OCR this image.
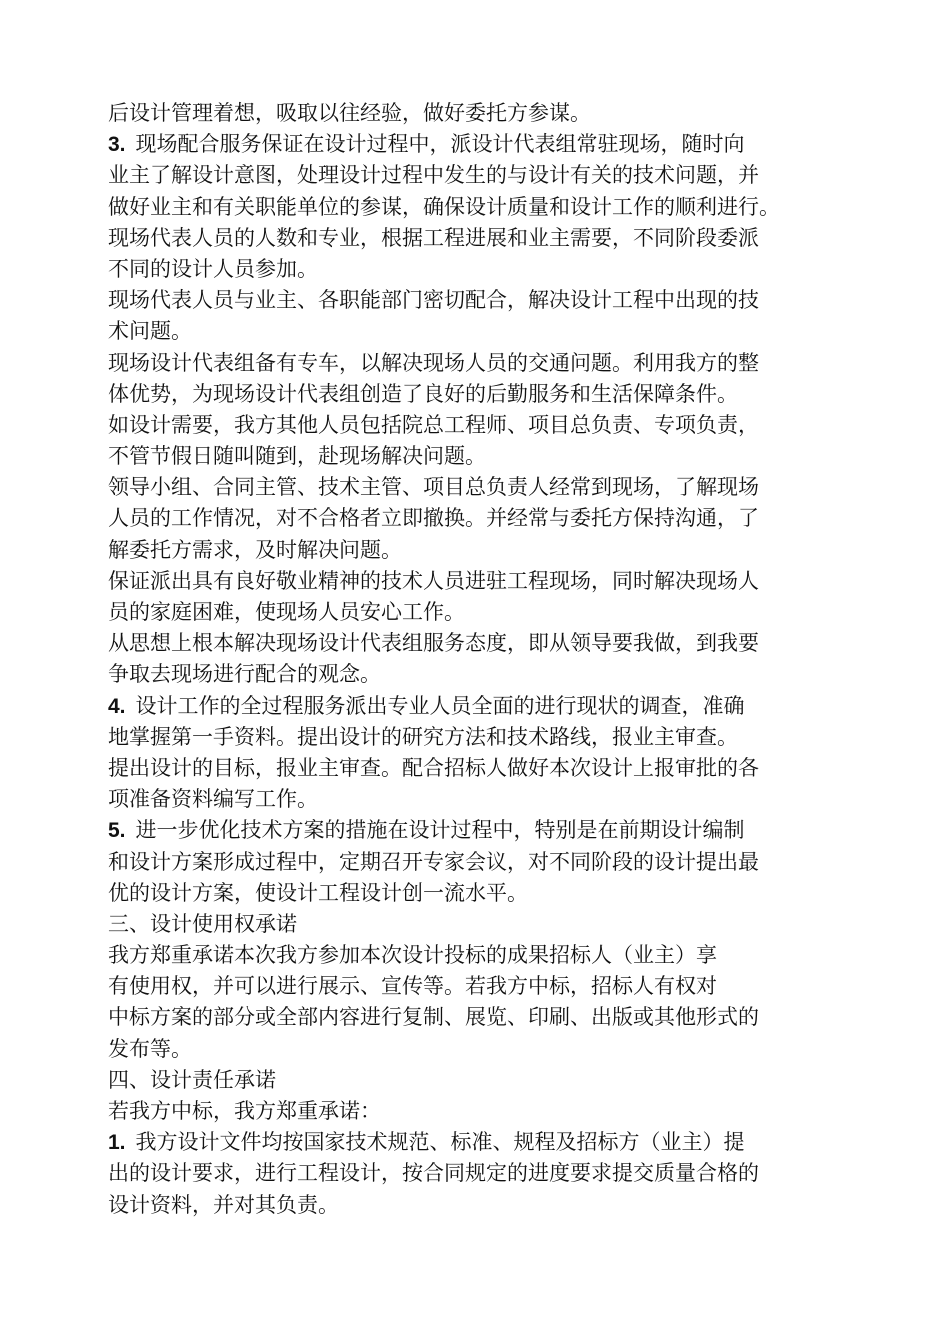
后设计管理着想，吸取以往经验，做好委托方参谋。
3. 现场配合服务保证在设计过程中，派设计代表组常驻现场，随时向
业主了解设计意图，处理设计过程中发生的与设计有关的技术问题，并
做好业主和有关职能单位的参谋，确保设计质量和设计工作的顺利进行。
现场代表人员的人数和专业，根据工程进展和业主需要，不同阶段委派
不同的设计人员参加。
现场代表人员与业主、各职能部门密切配合，解决设计工程中出现的技
术问题。
现场设计代表组备有专车，以解决现场人员的交通问题。利用我方的整
体优势，为现场设计代表组创造了良好的后勤服务和生活保障条件。
如设计需要，我方其他人员包括院总工程师、项目总负责、专项负责，
不管节假日随叫随到，赴现场解决问题。
领导小组、合同主管、技术主管、项目总负责人经常到现场，了解现场
人员的工作情况，对不合格者立即撤换。并经常与委托方保持沟通，了
解委托方需求，及时解决问题。
保证派出具有良好敬业精神的技术人员进驻工程现场，同时解决现场人
员的家庭困难，使现场人员安心工作。
从思想上根本解决现场设计代表组服务态度，即从领导要我做，到我要
争取去现场进行配合的观念。
4. 设计工作的全过程服务派出专业人员全面的进行现状的调查，准确
地掌握第一手资料。提出设计的研究方法和技术路线，报业主审查。
提出设计的目标，报业主审查。配合招标人做好本次设计上报审批的各
项准备资料编写工作。
5. 进一步优化技术方案的措施在设计过程中，特别是在前期设计编制
和设计方案形成过程中，定期召开专家会议，对不同阶段的设计提出最
优的设计方案，使设计工程设计创一流水平。
三、设计使用权承诺
我方郑重承诺本次我方参加本次设计投标的成果招标人（业主）享
有使用权，并可以进行展示、宣传等。若我方中标，招标人有权对
中标方案的部分或全部内容进行复制、展览、印刷、出版或其他形式的
发布等。
四、设计责任承诺
若我方中标，我方郑重承诺：
1. 我方设计文件均按国家技术规范、标准、规程及招标方（业主）提
出的设计要求，进行工程设计，按合同规定的进度要求提交质量合格的
设计资料，并对其负责。
